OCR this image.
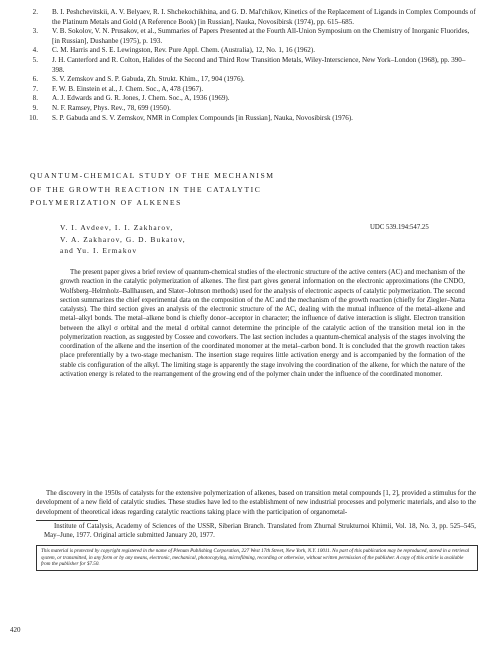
2. B. I. Peshchevitskii, A. V. Belyaev, R. I. Shchekochikhina, and G. D. Mal'chikov, Kinetics of the Replacement of Ligands in Complex Compounds of the Platinum Metals and Gold (A Reference Book) [in Russian], Nauka, Novosibirsk (1974), pp. 615–685.
3. V. B. Sokolov, V. N. Prusakov, et al., Summaries of Papers Presented at the Fourth All-Union Symposium on the Chemistry of Inorganic Fluorides, [in Russian], Dushanbe (1975), p. 193.
4. C. M. Harris and S. E. Lewingston, Rev. Pure Appl. Chem. (Australia), 12, No. 1, 16 (1962).
5. J. H. Canterford and R. Colton, Halides of the Second and Third Row Transition Metals, Wiley-Interscience, New York–London (1968), pp. 390–398.
6. S. V. Zemskov and S. P. Gabuda, Zh. Strukt. Khim., 17, 904 (1976).
7. F. W. B. Einstein et al., J. Chem. Soc., A, 478 (1967).
8. A. J. Edwards and G. R. Jones, J. Chem. Soc., A, 1936 (1969).
9. N. F. Ramsey, Phys. Rev., 78, 699 (1950).
10. S. P. Gabuda and S. V. Zemskov, NMR in Complex Compounds [in Russian], Nauka, Novosibirsk (1976).
QUANTUM-CHEMICAL STUDY OF THE MECHANISM
OF THE GROWTH REACTION IN THE CATALYTIC
POLYMERIZATION OF ALKENES
V. I. Avdeev, I. I. Zakharov,
V. A. Zakharov, G. D. Bukatov,
and Yu. I. Ermakov
UDC 539.194:547.25

The present paper gives a brief review of quantum-chemical studies of the electronic structure of the active centers (AC) and mechanism of the growth reaction in the catalytic polymerization of alkenes. The first part gives general information on the electronic approximations (the CNDO, Wolfsberg–Helmholz–Ballhausen, and Slater–Johnson methods) used for the analysis of electronic aspects of catalytic polymerization. The second section summarizes the chief experimental data on the composition of the AC and the mechanism of the growth reaction (chiefly for Ziegler–Natta catalysts). The third section gives an analysis of the electronic structure of the AC, dealing with the mutual influence of the metal–alkene and metal–alkyl bonds. The metal–alkene bond is chiefly donor–acceptor in character; the influence of dative interaction is slight. Electron transition between the alkyl σ orbital and the metal d orbital cannot determine the principle of the catalytic action of the transition metal ion in the polymerization reaction, as suggested by Cossee and coworkers. The last section includes a quantum-chemical analysis of the stages involving the coordination of the alkene and the insertion of the coordinated monomer at the metal–carbon bond. It is concluded that the growth reaction takes place preferentially by a two-stage mechanism. The insertion stage requires little activation energy and is accompanied by the formation of the stable cis configuration of the alkyl. The limiting stage is apparently the stage involving the coordination of the alkene, for which the nature of the activation energy is related to the rearrangement of the growing end of the polymer chain under the influence of the coordinated monomer.

The discovery in the 1950s of catalysts for the extensive polymerization of alkenes, based on transition metal compounds [1, 2], provided a stimulus for the development of a new field of catalytic studies. These studies have led to the establishment of new industrial processes and polymeric materials, and also to the development of theoretical ideas regarding catalytic reactions taking place with the participation of organometal-

Institute of Catalysis, Academy of Sciences of the USSR, Siberian Branch. Translated from Zhurnal Strukturnoi Khimii, Vol. 18, No. 3, pp. 525–545, May–June, 1977. Original article submitted January 20, 1977.

This material is protected by copyright registered in the name of Plenum Publishing Corporation, 227 West 17th Street, New York, N.Y. 10011. No part of this publication may be reproduced, stored in a retrieval system, or transmitted, in any form or by any means, electronic, mechanical, photocopying, microfilming, recording or otherwise, without written permission of the publisher. A copy of this article is available from the publisher for $7.50.
420
